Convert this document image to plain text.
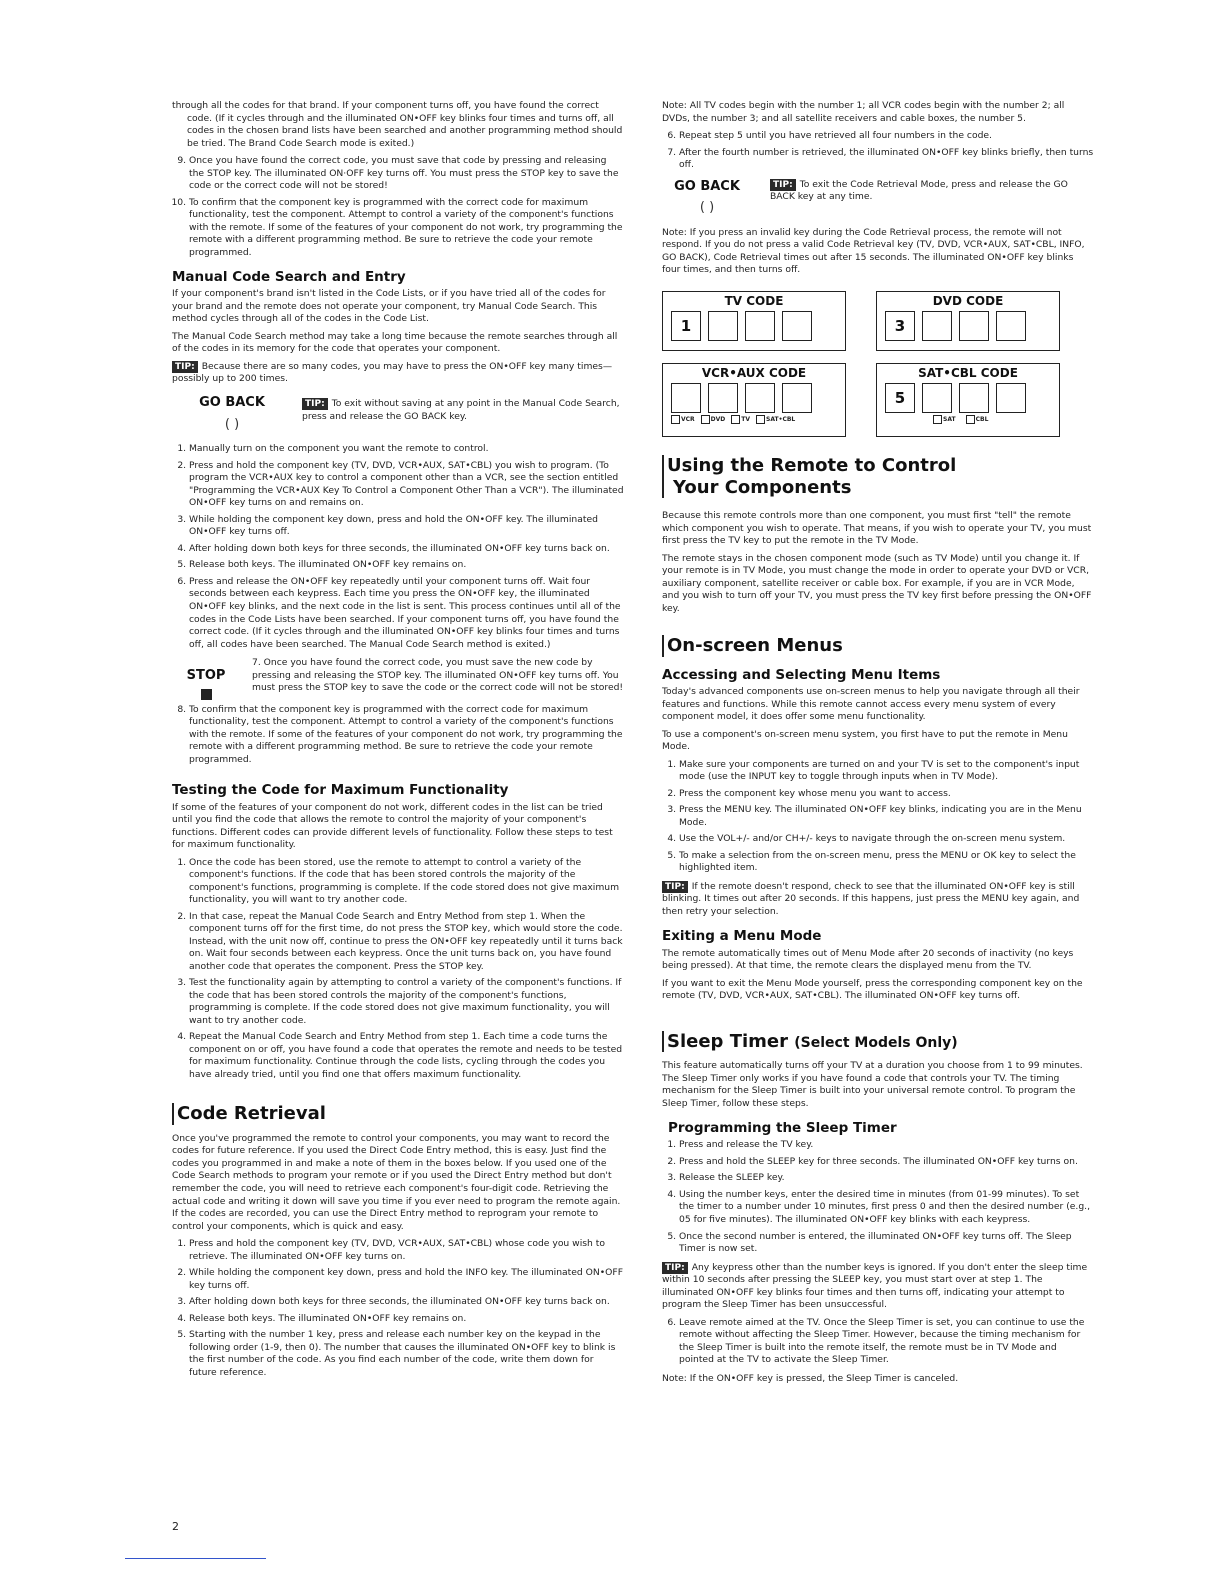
through all the codes for that brand. If your component turns off, you have found the correct code. (If it cycles through and the illuminated ON•OFF key blinks four times and turns off, all codes in the chosen brand lists have been searched and another programming method should be tried. The Brand Code Search mode is exited.)

9. Once you have found the correct code, you must save that code by pressing and releasing the STOP key. The illuminated ON·OFF key turns off. You must press the STOP key to save the code or the correct code will not be stored!
10. To confirm that the component key is programmed with the correct code for maximum functionality, test the component. Attempt to control a variety of the component's functions with the remote. If some of the features of your component do not work, try programming the remote with a different programming method. Be sure to retrieve the code your remote programmed.
Manual Code Search and Entry

If your component's brand isn't listed in the Code Lists, or if you have tried all of the codes for your brand and the remote does not operate your component, try Manual Code Search. This method cycles through all of the codes in the Code List.

The Manual Code Search method may take a long time because the remote searches through all of the codes in its memory for the code that operates your component.

TIP: Because there are so many codes, you may have to press the ON•OFF key many times—possibly up to 200 times.

GO BACK
( )
TIP: To exit without saving at any point in the Manual Code Search, press and release the GO BACK key.
1. Manually turn on the component you want the remote to control.
2. Press and hold the component key (TV, DVD, VCR•AUX, SAT•CBL) you wish to program. (To program the VCR•AUX key to control a component other than a VCR, see the section entitled "Programming the VCR•AUX Key To Control a Component Other Than a VCR"). The illuminated ON•OFF key turns on and remains on.
3. While holding the component key down, press and hold the ON•OFF key. The illuminated ON•OFF key turns off.
4. After holding down both keys for three seconds, the illuminated ON•OFF key turns back on.
5. Release both keys. The illuminated ON•OFF key remains on.
6. Press and release the ON•OFF key repeatedly until your component turns off. Wait four seconds between each keypress. Each time you press the ON•OFF key, the illuminated ON•OFF key blinks, and the next code in the list is sent. This process continues until all of the codes in the Code Lists have been searched. If your component turns off, you have found the correct code. (If it cycles through and the illuminated ON•OFF key blinks four times and turns off, all codes have been searched. The Manual Code Search method is exited.)
STOP
7. Once you have found the correct code, you must save the new code by pressing and releasing the STOP key. The illuminated ON•OFF key turns off. You must press the STOP key to save the code or the correct code will not be stored!
8. To confirm that the component key is programmed with the correct code for maximum functionality, test the component. Attempt to control a variety of the component's functions with the remote. If some of the features of your component do not work, try programming the remote with a different programming method. Be sure to retrieve the code your remote programmed.
Testing the Code for Maximum Functionality

If some of the features of your component do not work, different codes in the list can be tried until you find the code that allows the remote to control the majority of your component's functions. Different codes can provide different levels of functionality. Follow these steps to test for maximum functionality.

1. Once the code has been stored, use the remote to attempt to control a variety of the component's functions. If the code that has been stored controls the majority of the component's functions, programming is complete. If the code stored does not give maximum functionality, you will want to try another code.
2. In that case, repeat the Manual Code Search and Entry Method from step 1. When the component turns off for the first time, do not press the STOP key, which would store the code. Instead, with the unit now off, continue to press the ON•OFF key repeatedly until it turns back on. Wait four seconds between each keypress. Once the unit turns back on, you have found another code that operates the component. Press the STOP key.
3. Test the functionality again by attempting to control a variety of the component's functions. If the code that has been stored controls the majority of the component's functions, programming is complete. If the code stored does not give maximum functionality, you will want to try another code.
4. Repeat the Manual Code Search and Entry Method from step 1. Each time a code turns the component on or off, you have found a code that operates the remote and needs to be tested for maximum functionality. Continue through the code lists, cycling through the codes you have already tried, until you find one that offers maximum functionality.
Code Retrieval

Once you've programmed the remote to control your components, you may want to record the codes for future reference. If you used the Direct Code Entry method, this is easy. Just find the codes you programmed in and make a note of them in the boxes below. If you used one of the Code Search methods to program your remote or if you used the Direct Entry method but don't remember the code, you will need to retrieve each component's four-digit code. Retrieving the actual code and writing it down will save you time if you ever need to program the remote again. If the codes are recorded, you can use the Direct Entry method to reprogram your remote to control your components, which is quick and easy.

1. Press and hold the component key (TV, DVD, VCR•AUX, SAT•CBL) whose code you wish to retrieve. The illuminated ON•OFF key turns on.
2. While holding the component key down, press and hold the INFO key. The illuminated ON•OFF key turns off.
3. After holding down both keys for three seconds, the illuminated ON•OFF key turns back on.
4. Release both keys. The illuminated ON•OFF key remains on.
5. Starting with the number 1 key, press and release each number key on the keypad in the following order (1-9, then 0). The number that causes the illuminated ON•OFF key to blink is the first number of the code. As you find each number of the code, write them down for future reference.

Note: All TV codes begin with the number 1; all VCR codes begin with the number 2; all DVDs, the number 3; and all satellite receivers and cable boxes, the number 5.

6. Repeat step 5 until you have retrieved all four numbers in the code.
7. After the fourth number is retrieved, the illuminated ON•OFF key blinks briefly, then turns off.
GO BACK
( )
TIP: To exit the Code Retrieval Mode, press and release the GO BACK key at any time.

Note: If you press an invalid key during the Code Retrieval process, the remote will not respond. If you do not press a valid Code Retrieval key (TV, DVD, VCR•AUX, SAT•CBL, INFO, GO BACK), Code Retrieval times out after 15 seconds. The illuminated ON•OFF key blinks four times, and then turns off.

TV CODE
1
DVD CODE
3
VCR•AUX CODE
VCR	DVD	TV	SAT•CBL
SAT•CBL CODE
5
SAT	CBL
Using the Remote to Control
Your Components

Because this remote controls more than one component, you must first "tell" the remote which component you wish to operate. That means, if you wish to operate your TV, you must first press the TV key to put the remote in the TV Mode.

The remote stays in the chosen component mode (such as TV Mode) until you change it. If your remote is in TV Mode, you must change the mode in order to operate your DVD or VCR, auxiliary component, satellite receiver or cable box. For example, if you are in VCR Mode, and you wish to turn off your TV, you must press the TV key first before pressing the ON•OFF key.

On-screen Menus
Accessing and Selecting Menu Items

Today's advanced components use on-screen menus to help you navigate through all their features and functions. While this remote cannot access every menu system of every component model, it does offer some menu functionality.

To use a component's on-screen menu system, you first have to put the remote in Menu Mode.

1. Make sure your components are turned on and your TV is set to the component's input mode (use the INPUT key to toggle through inputs when in TV Mode).
2. Press the component key whose menu you want to access.
3. Press the MENU key. The illuminated ON•OFF key blinks, indicating you are in the Menu Mode.
4. Use the VOL+/- and/or CH+/- keys to navigate through the on-screen menu system.
5. To make a selection from the on-screen menu, press the MENU or OK key to select the highlighted item.

TIP: If the remote doesn't respond, check to see that the illuminated ON•OFF key is still blinking. It times out after 20 seconds. If this happens, just press the MENU key again, and then retry your selection.

Exiting a Menu Mode

The remote automatically times out of Menu Mode after 20 seconds of inactivity (no keys being pressed). At that time, the remote clears the displayed menu from the TV.

If you want to exit the Menu Mode yourself, press the corresponding component key on the remote (TV, DVD, VCR•AUX, SAT•CBL). The illuminated ON•OFF key turns off.

Sleep Timer (Select Models Only)

This feature automatically turns off your TV at a duration you choose from 1 to 99 minutes. The Sleep Timer only works if you have found a code that controls your TV. The timing mechanism for the Sleep Timer is built into your universal remote control. To program the Sleep Timer, follow these steps.

Programming the Sleep Timer
1. Press and release the TV key.
2. Press and hold the SLEEP key for three seconds. The illuminated ON•OFF key turns on.
3. Release the SLEEP key.
4. Using the number keys, enter the desired time in minutes (from 01-99 minutes). To set the timer to a number under 10 minutes, first press 0 and then the desired number (e.g., 05 for five minutes). The illuminated ON•OFF key blinks with each keypress.
5. Once the second number is entered, the illuminated ON•OFF key turns off. The Sleep Timer is now set.

TIP: Any keypress other than the number keys is ignored. If you don't enter the sleep time within 10 seconds after pressing the SLEEP key, you must start over at step 1. The illuminated ON•OFF key blinks four times and then turns off, indicating your attempt to program the Sleep Timer has been unsuccessful.

6. Leave remote aimed at the TV. Once the Sleep Timer is set, you can continue to use the remote without affecting the Sleep Timer. However, because the timing mechanism for the Sleep Timer is built into the remote itself, the remote must be in TV Mode and pointed at the TV to activate the Sleep Timer.

Note: If the ON•OFF key is pressed, the Sleep Timer is canceled.

2
